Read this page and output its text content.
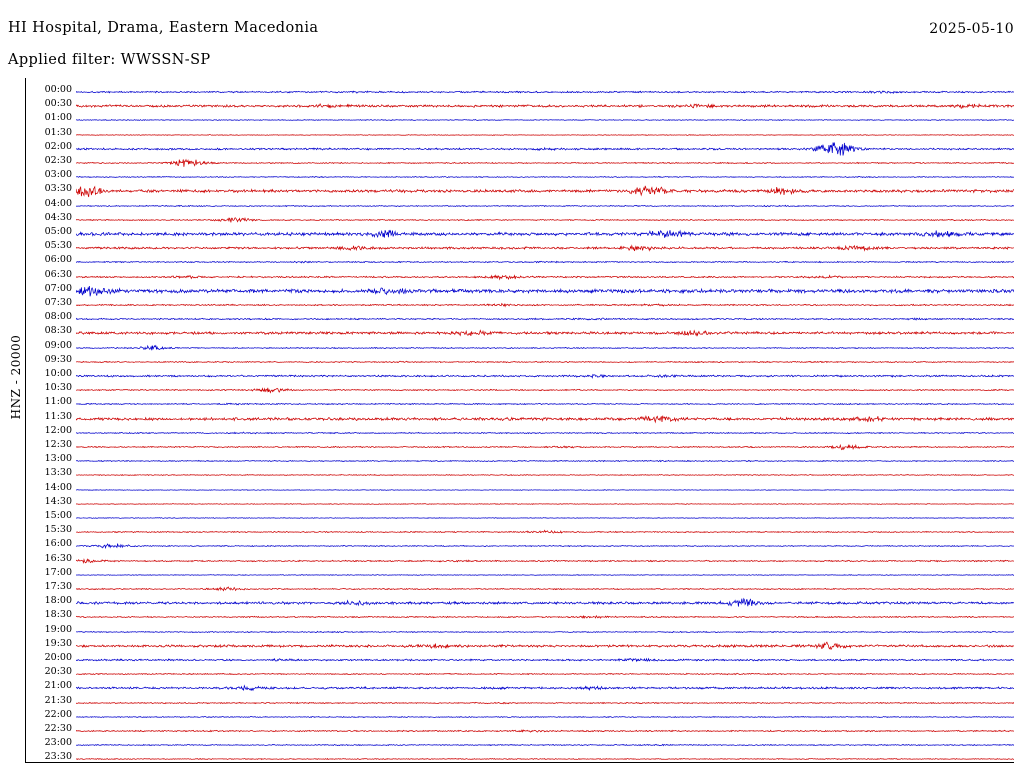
HI Hospital, Drama, Eastern Macedonia	2025-05-10
Applied filter: WWSSN-SP
HNZ - 20000
00:00
00:30
01:00
01:30
02:00
02:30
03:00
03:30
04:00
04:30
05:00
05:30
06:00
06:30
07:00
07:30
08:00
08:30
09:00
09:30
10:00
10:30
11:00
11:30
12:00
12:30
13:00
13:30
14:00
14:30
15:00
15:30
16:00
16:30
17:00
17:30
18:00
18:30
19:00
19:30
20:00
20:30
21:00
21:30
22:00
22:30
23:00
23:30
